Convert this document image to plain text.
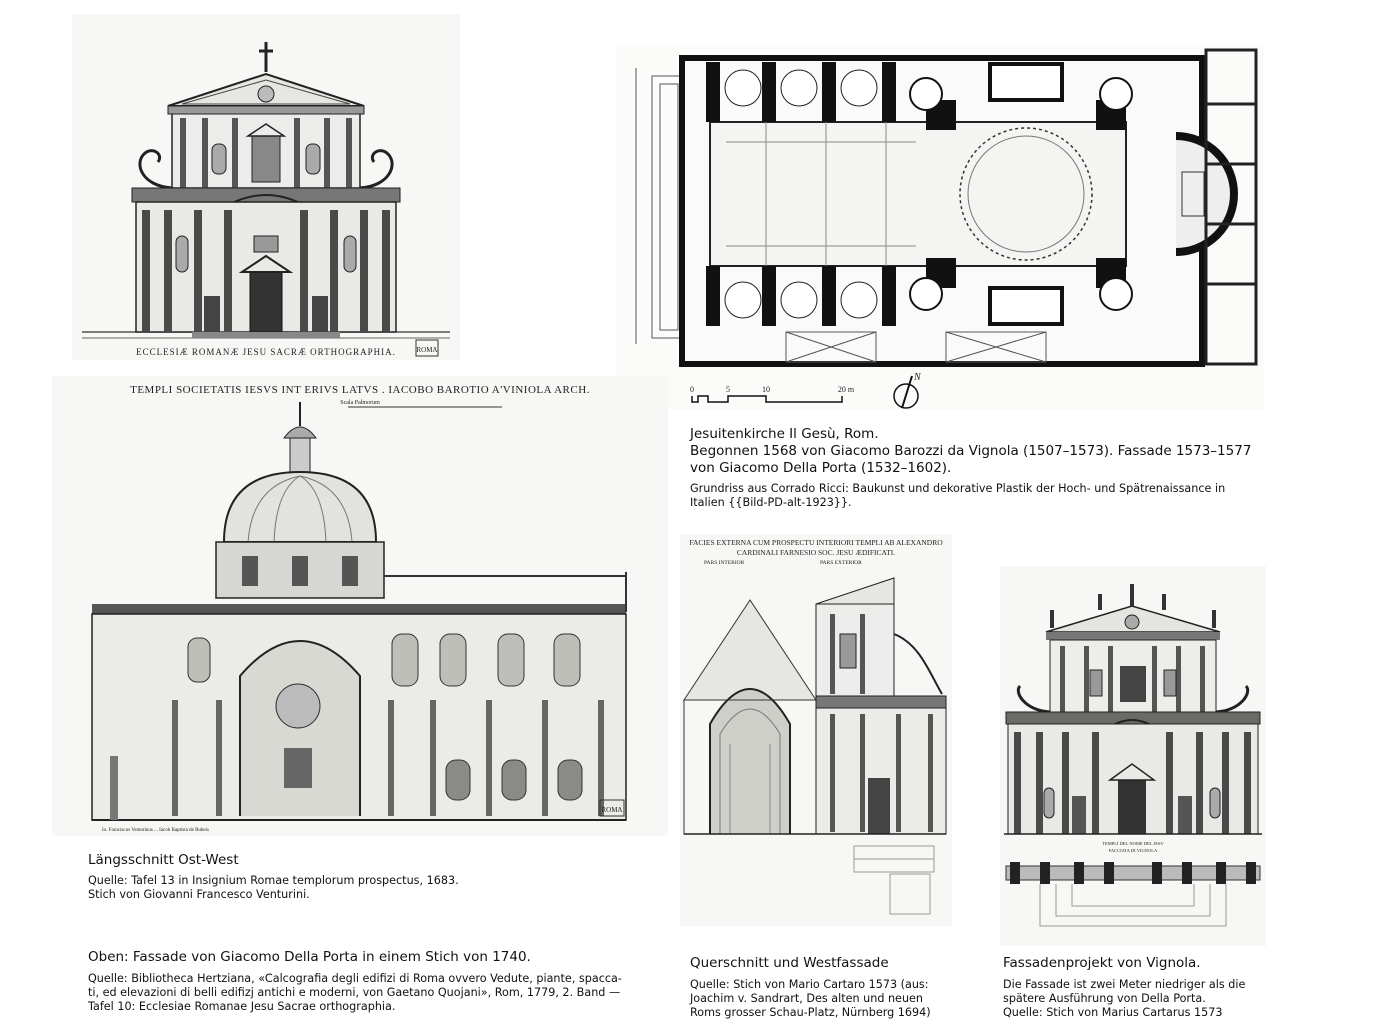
ROMA
ECCLESIÆ ROMANÆ JESU SACRÆ ORTHOGRAPHIA.
0	5	10	20 m
N
TEMPLI SOCIETATIS IESVS INT ERIVS LATVS . IACOBO BAROTIO A'VINIOLA ARCH.
Scala Palmorum
ROMA
Io. Franciscus Venturinus ... Iacob Baptista de Rubeis
FACIES EXTERNA CUM PROSPECTU INTERIORI TEMPLI AB ALEXANDRO
CARDINALI FARNESIO SOC. JESU ÆDIFICATI.
PARS INTERIOR	PARS EXTERIOR
TEMPLI DEL NOME DEL JESV
FACCIATA DI VIGNOLA
Jesuitenkirche Il Gesù, Rom.
Begonnen 1568 von Giacomo Barozzi da Vignola (1507–1573). Fassade 1573–1577
von Giacomo Della Porta (1532–1602).
Grundriss aus Corrado Ricci: Baukunst und dekorative Plastik der Hoch- und Spätrenaissance in
Italien {{Bild-PD-alt-1923}}.
Längsschnitt Ost-West
Quelle: Tafel 13 in Insignium Romae templorum prospectus, 1683.
Stich von Giovanni Francesco Venturini.
Oben: Fassade von Giacomo Della Porta in einem Stich von 1740.
Quelle: Bibliotheca Hertziana, «Calcografia degli edifizi di Roma ovvero Vedute, piante, spacca-
ti, ed elevazioni di belli edifizj antichi e moderni, von Gaetano Quojani», Rom, 1779, 2. Band —
Tafel 10: Ecclesiae Romanae Jesu Sacrae orthographia.
Querschnitt und Westfassade
Quelle: Stich von Mario Cartaro 1573 (aus:
Joachim v. Sandrart, Des alten und neuen
Roms grosser Schau-Platz, Nürnberg 1694)
Fassadenprojekt von Vignola.
Die Fassade ist zwei Meter niedriger als die
spätere Ausführung von Della Porta.
Quelle: Stich von Marius Cartarus 1573
